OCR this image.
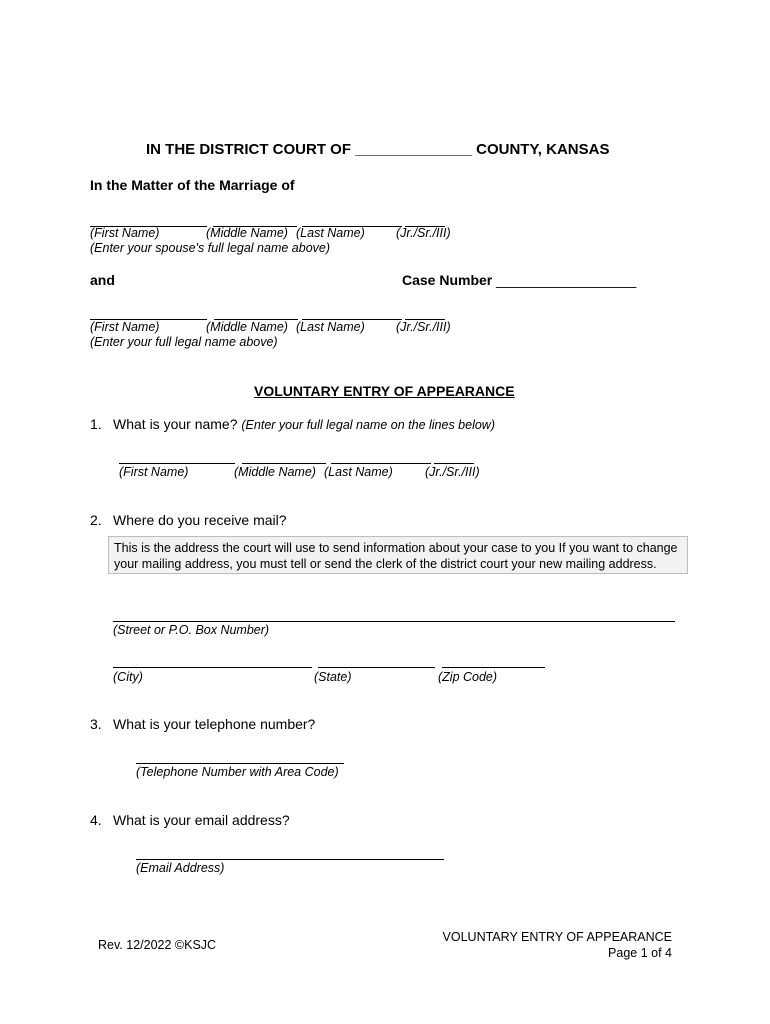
IN THE DISTRICT COURT OF ______________ COUNTY, KANSAS
In the Matter of the Marriage of
(First Name)	(Middle Name) (Last Name) (Jr./Sr./III)
(Enter your spouse's full legal name above)
and	Case Number __________________
(First Name)	(Middle Name) (Last Name) (Jr./Sr./III)
(Enter your full legal name above)
VOLUNTARY ENTRY OF APPEARANCE
1. What is your name? (Enter your full legal name on the lines below)
(First Name)	(Middle Name) (Last Name)	(Jr./Sr./III)
2. Where do you receive mail?
This is the address the court will use to send information about your case to you If you want to change
your mailing address, you must tell or send the clerk of the district court your new mailing address.
(Street or P.O. Box Number)
(City)	(State)	(Zip Code)
3. What is your telephone number?
(Telephone Number with Area Code)
4. What is your email address?
(Email Address)
Rev. 12/2022 ©KSJC
VOLUNTARY ENTRY OF APPEARANCE
Page 1 of 4
